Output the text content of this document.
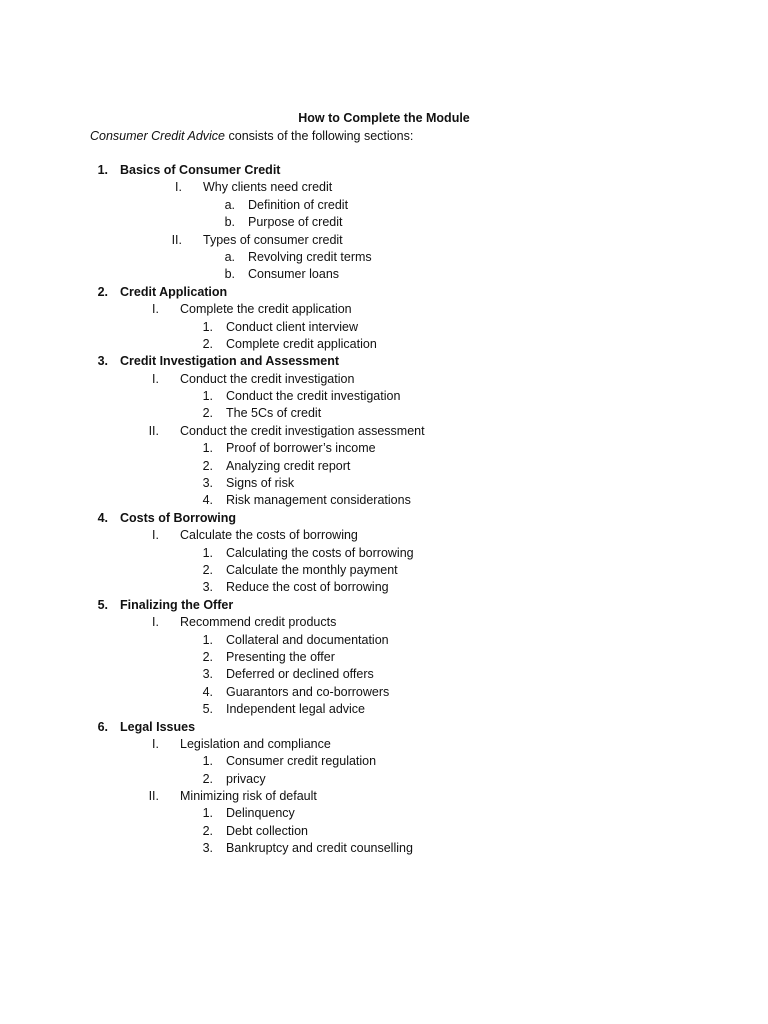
How to Complete the Module

Consumer Credit Advice consists of the following sections:

1. Basics of Consumer Credit
I. Why clients need credit
a. Definition of credit
b. Purpose of credit
II. Types of consumer credit
a. Revolving credit terms
b. Consumer loans
2. Credit Application
I. Complete the credit application
1. Conduct client interview
2. Complete credit application
3. Credit Investigation and Assessment
I. Conduct the credit investigation
1. Conduct the credit investigation
2. The 5Cs of credit
II. Conduct the credit investigation assessment
1. Proof of borrower’s income
2. Analyzing credit report
3. Signs of risk
4. Risk management considerations
4. Costs of Borrowing
I. Calculate the costs of borrowing
1. Calculating the costs of borrowing
2. Calculate the monthly payment
3. Reduce the cost of borrowing
5. Finalizing the Offer
I. Recommend credit products
1. Collateral and documentation
2. Presenting the offer
3. Deferred or declined offers
4. Guarantors and co-borrowers
5. Independent legal advice
6. Legal Issues
I. Legislation and compliance
1. Consumer credit regulation
2. privacy
II. Minimizing risk of default
1. Delinquency
2. Debt collection
3. Bankruptcy and credit counselling
